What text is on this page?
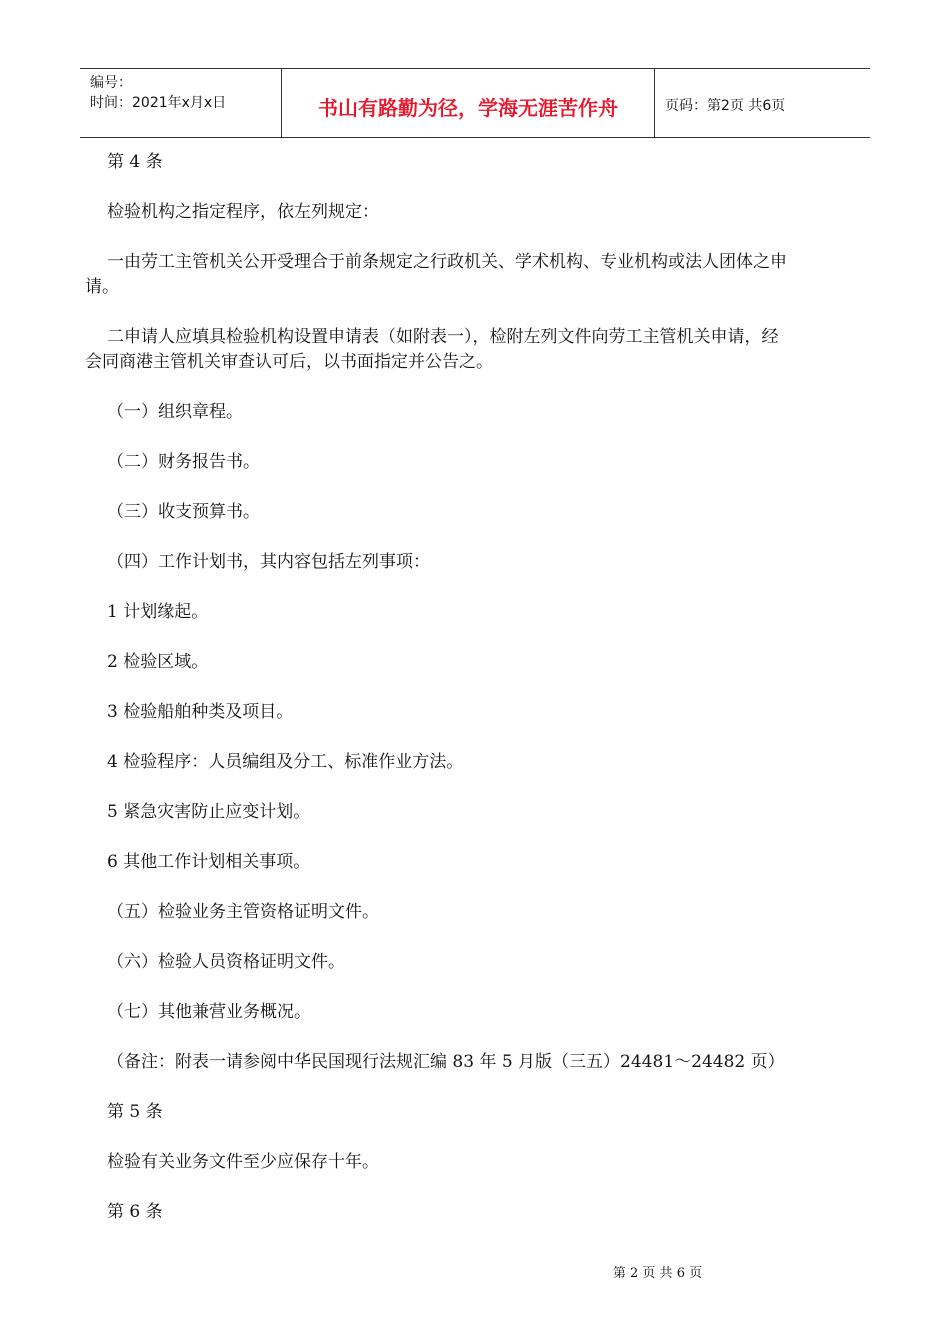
编号：
时间：2021年x月x日	书山有路勤为径，学海无涯苦作舟	页码：第2页 共6页

第 4 条

检验机构之指定程序，依左列规定：

一由劳工主管机关公开受理合于前条规定之行政机关、学术机构、专业机构或法人团体之申
请。

二申请人应填具检验机构设置申请表（如附表一），检附左列文件向劳工主管机关申请，经
会同商港主管机关审查认可后，以书面指定并公告之。

（一）组织章程。

（二）财务报告书。

（三）收支预算书。

（四）工作计划书，其内容包括左列事项：

1 计划缘起。

2 检验区域。

3 检验船舶种类及项目。

4 检验程序：人员编组及分工、标准作业方法。

5 紧急灾害防止应变计划。

6 其他工作计划相关事项。

（五）检验业务主管资格证明文件。

（六）检验人员资格证明文件。

（七）其他兼营业务概况。

（备注：附表一请参阅中华民国现行法规汇编 83 年 5 月版（三五）24481～24482 页）

第 5 条

检验有关业务文件至少应保存十年。

第 6 条

第 2 页 共 6 页
